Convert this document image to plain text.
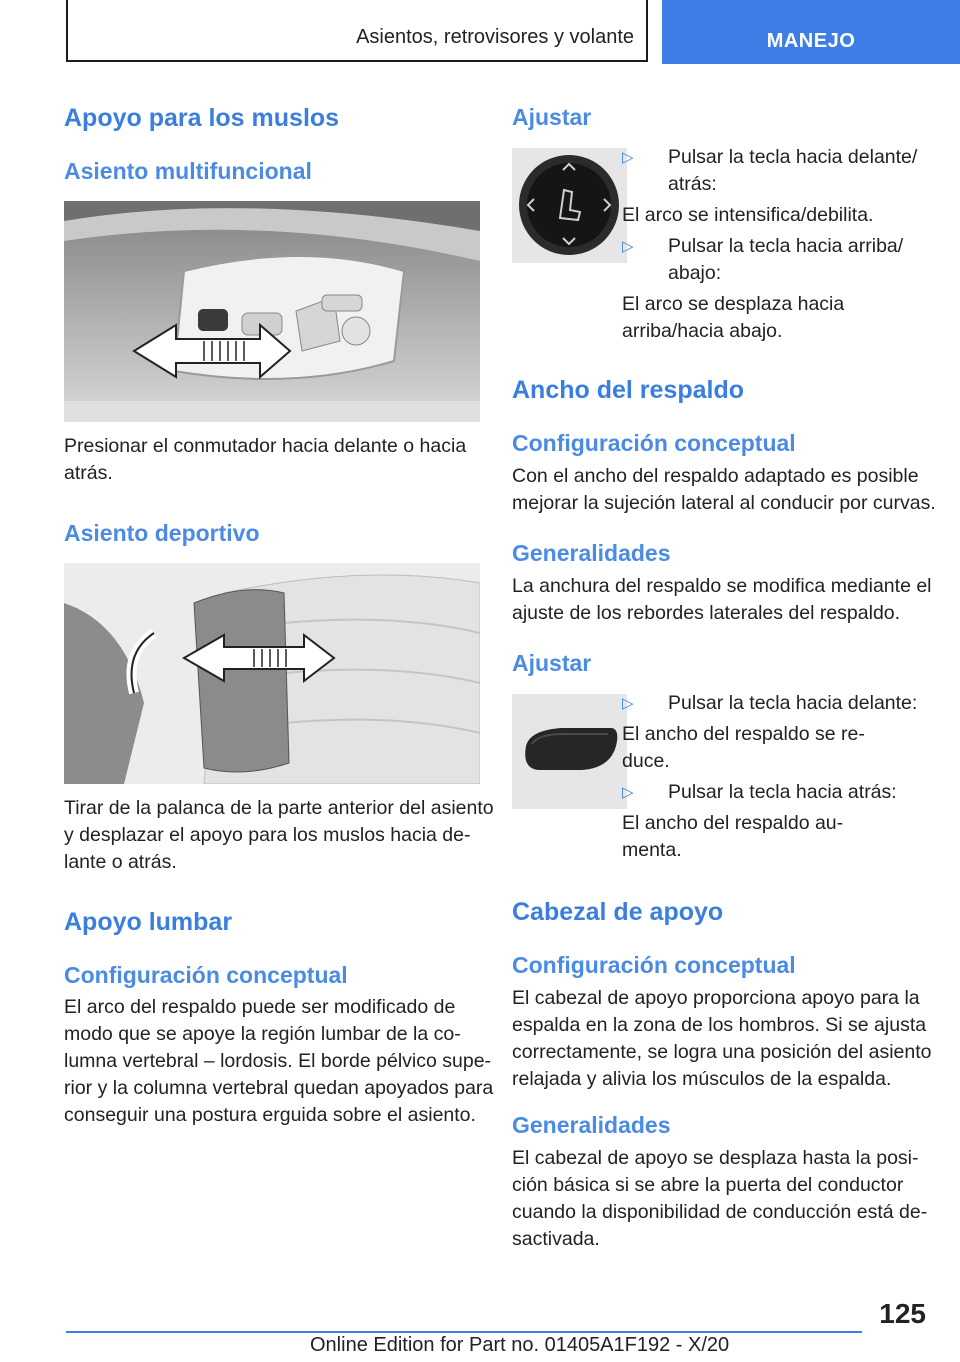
Asientos, retrovisores y volante	MANEJO
Apoyo para los muslos
Asiento multifuncional

Presionar el conmutador hacia delante o hacia
atrás.

Asiento deportivo

Tirar de la palanca de la parte anterior del asiento
y desplazar el apoyo para los muslos hacia de-
lante o atrás.

Apoyo lumbar
Configuración conceptual

El arco del respaldo puede ser modificado de
modo que se apoye la región lumbar de la co-
lumna vertebral – lordosis. El borde pélvico supe-
rior y la columna vertebral quedan apoyados para
conseguir una postura erguida sobre el asiento.

Ajustar
▷ Pulsar la tecla hacia delante/
atrás:
El arco se intensifica/debilita.
▷ Pulsar la tecla hacia arriba/
abajo:
El arco se desplaza hacia
arriba/hacia abajo.
Ancho del respaldo
Configuración conceptual

Con el ancho del respaldo adaptado es posible
mejorar la sujeción lateral al conducir por curvas.

Generalidades

La anchura del respaldo se modifica mediante el
ajuste de los rebordes laterales del respaldo.

Ajustar
▷ Pulsar la tecla hacia delante:
El ancho del respaldo se re-
duce.
▷ Pulsar la tecla hacia atrás:
El ancho del respaldo au-
menta.
Cabezal de apoyo
Configuración conceptual

El cabezal de apoyo proporciona apoyo para la
espalda en la zona de los hombros. Si se ajusta
correctamente, se logra una posición del asiento
relajada y alivia los músculos de la espalda.

Generalidades

El cabezal de apoyo se desplaza hasta la posi-
ción básica si se abre la puerta del conductor
cuando la disponibilidad de conducción está de-
sactivada.

125
Online Edition for Part no. 01405A1F192 - X/20
